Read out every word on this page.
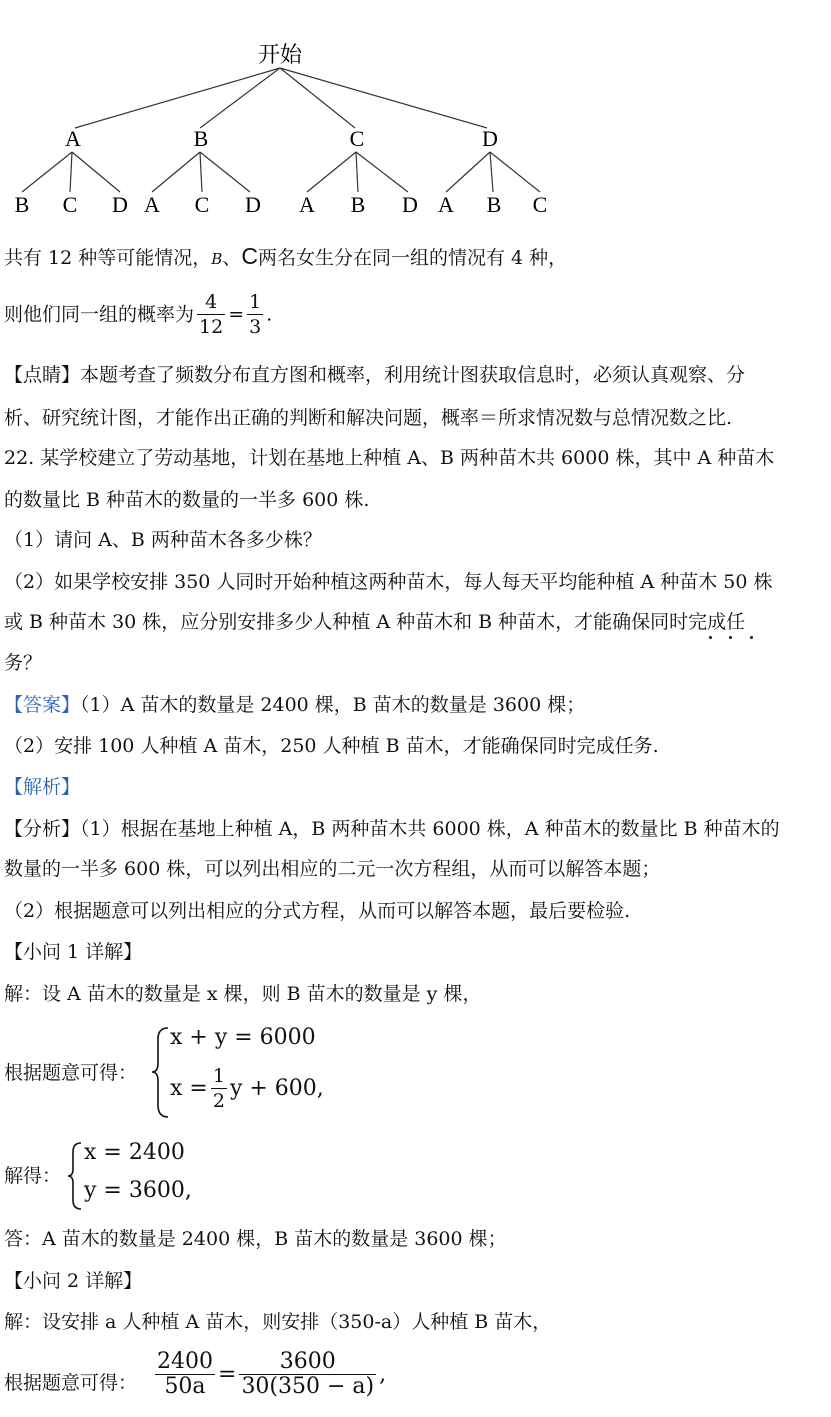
开始
A	B	C	D
B C D A C D A B D A B C
共有 12 种等可能情况，B、C两名女生分在同一组的情况有 4 种，
则他们同一组的概率为 $\frac{4}{12} = \frac{1}{3}$ .
【点睛】本题考查了频数分布直方图和概率，利用统计图获取信息时，必须认真观察、分
析、研究统计图，才能作出正确的判断和解决问题，概率＝所求情况数与总情况数之比.
22. 某学校建立了劳动基地，计划在基地上种植 A、B 两种苗木共 6000 株，其中 A 种苗木
的数量比 B 种苗木的数量的一半多 600 株.
（1）请问 A、B 两种苗木各多少株？
（2）如果学校安排 350 人同时开始种植这两种苗木，每人每天平均能种植 A 种苗木 50 株
或 B 种苗木 30 株，应分别安排多少人种植 A 种苗木和 B 种苗木，才能确保同时完成任
务？
【答案】（1）A 苗木的数量是 2400 棵，B 苗木的数量是 3600 棵；
（2）安排 100 人种植 A 苗木，250 人种植 B 苗木，才能确保同时完成任务.
【解析】
【分析】（1）根据在基地上种植 A，B 两种苗木共 6000 株，A 种苗木的数量比 B 种苗木的
数量的一半多 600 株，可以列出相应的二元一次方程组，从而可以解答本题；
（2）根据题意可以列出相应的分式方程，从而可以解答本题，最后要检验.
【小问 1 详解】
解：设 A 苗木的数量是 x 棵，则 B 苗木的数量是 y 棵，
根据题意可得：
x + y = 6000
$x = \frac{1}{2}$ y + 600,
解得：
x = 2400
y = 3600,
答：A 苗木的数量是 2400 棵，B 苗木的数量是 3600 棵；
【小问 2 详解】
解：设安排 a 人种植 A 苗木，则安排（350-a）人种植 B 苗木，
根据题意可得： $\frac{2400}{50a} = \frac{3600}{30(350 - a)}$ ,
